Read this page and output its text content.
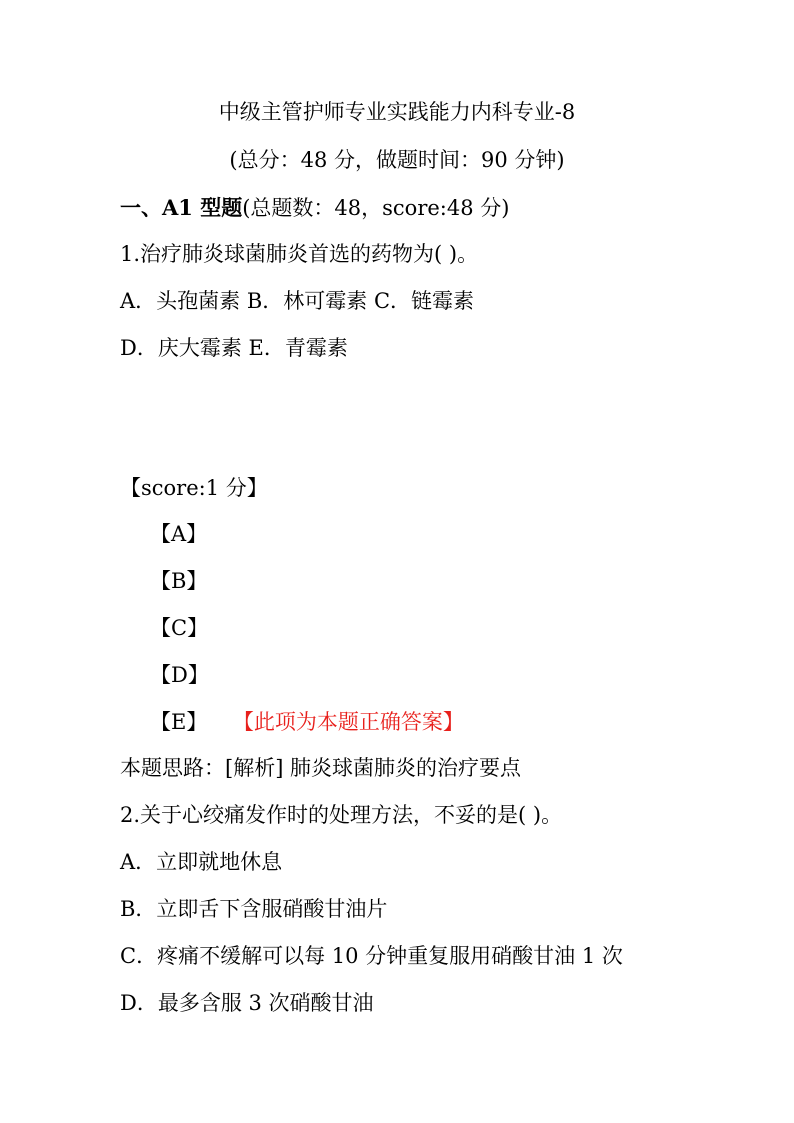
中级主管护师专业实践能力内科专业-8
(总分：48 分，做题时间：90 分钟)
一、A1 型题(总题数：48，score:48 分)
1.治疗肺炎球菌肺炎首选的药物为( )。
A．头孢菌素 B．林可霉素 C．链霉素
D．庆大霉素 E．青霉素
【score:1 分】
【A】
【B】
【C】
【D】
【E】 【此项为本题正确答案】
本题思路：[解析] 肺炎球菌肺炎的治疗要点
2.关于心绞痛发作时的处理方法，不妥的是( )。
A．立即就地休息
B．立即舌下含服硝酸甘油片
C．疼痛不缓解可以每 10 分钟重复服用硝酸甘油 1 次
D．最多含服 3 次硝酸甘油
